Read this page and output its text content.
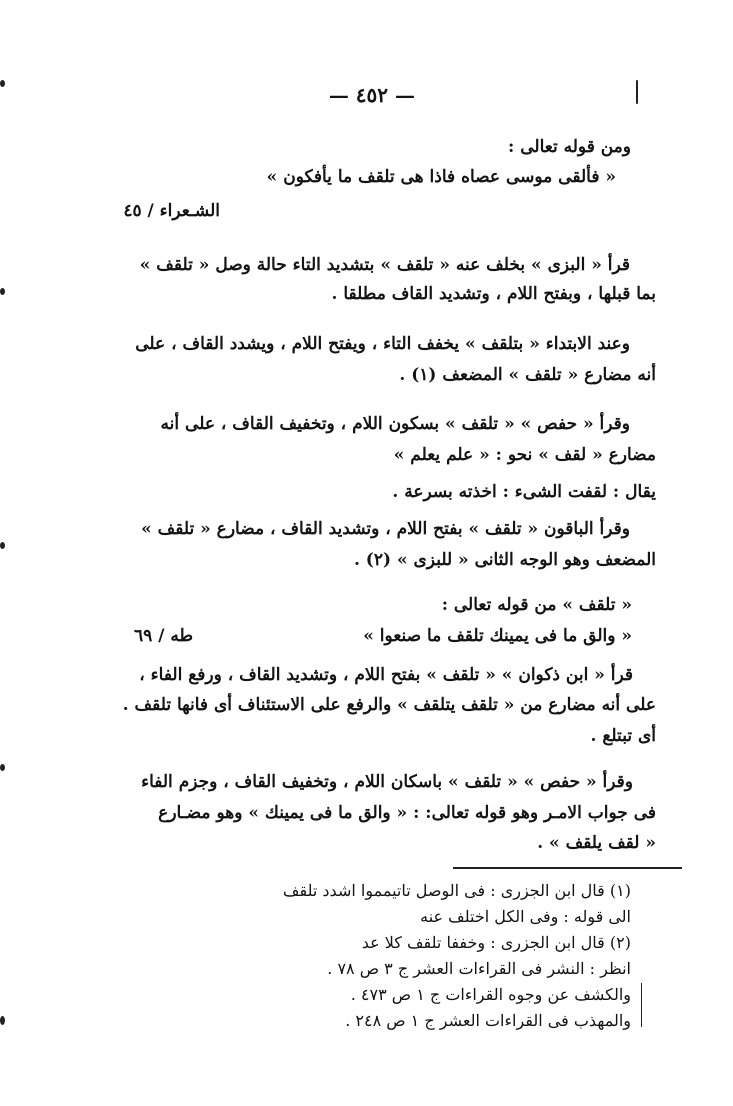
— ٤٥٢ —
ومن قوله تعالى :
« فألقى موسى عصاه فاذا هى تلقف ما يأفكون »
الشـعراء / ٤٥
قرأ « البزى » بخلف عنه « تلقف » بتشديد التاء حالة وصل « تلقف »
بما قبلها ، وبفتح اللام ، وتشديد القاف مطلقا .
وعند الابتداء « بتلقف » يخفف التاء ، ويفتح اللام ، ويشدد القاف ، على
أنه مضارع « تلقف » المضعف (١) .
وقرأ « حفص » « تلقف » بسكون اللام ، وتخفيف القاف ، على أنه
مضارع « لقف » نحو : « علم يعلم »
يقال : لقفت الشىء : اخذته بسرعة .
وقرأ الباقون « تلقف » بفتح اللام ، وتشديد القاف ، مضارع « تلقف »
المضعف وهو الوجه الثانى « للبزى » (٢) .
« تلقف » من قوله تعالى :
« والق ما فى يمينك تلقف ما صنعوا »
طه / ٦٩
قرأ « ابن ذكوان » « تلقف » بفتح اللام ، وتشديد القاف ، ورفع الفاء ،
على أنه مضارع من « تلقف يتلقف » والرفع على الاستئناف أى فانها تلقف .
أى تبتلع .
وقرأ « حفص » « تلقف » باسكان اللام ، وتخفيف القاف ، وجزم الفاء
فى جواب الامـر وهو قوله تعالى: : « والق ما فى يمينك » وهو مضـارع
« لقف يلقف » .
(١) قال ابن الجزرى : فى الوصل تاتيمموا اشدد تلقف
الى قوله : وفى الكل اختلف عنه
(٢) قال ابن الجزرى : وخففا تلقف كلا عد
انظر : النشر فى القراءات العشر ج ٣ ص ٧٨ .
والكشف عن وجوه القراءات ج ١ ص ٤٧٣ .
والمهذب فى القراءات العشر ج ١ ص ٢٤٨ .
